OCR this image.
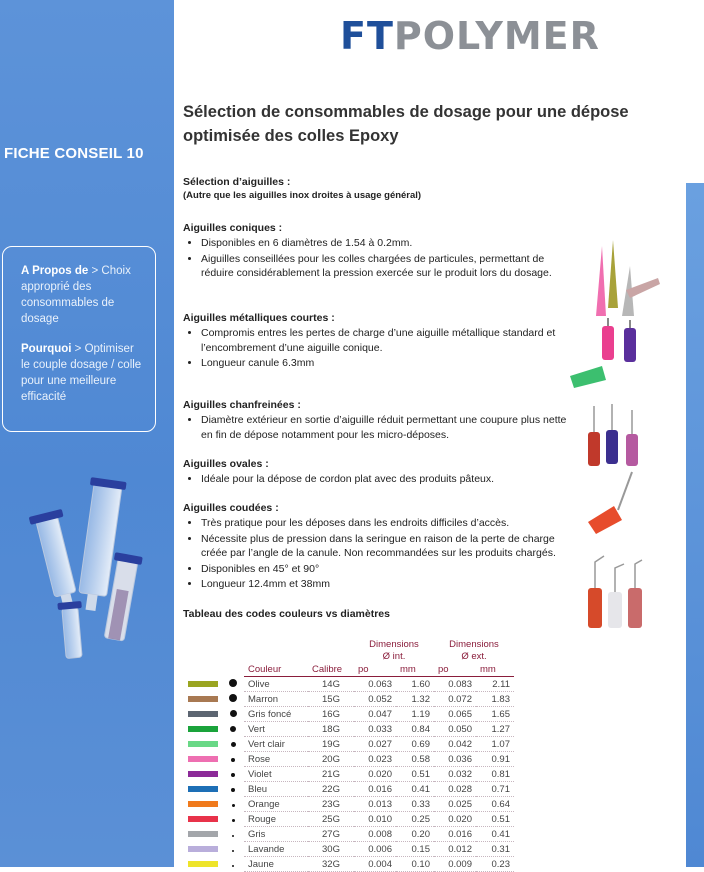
FICHE CONSEIL 10

A Propos de > Choix approprié des consommables de dosage

Pourquoi > Optimiser le couple dosage / colle pour une meilleure efficacité

FTPOLYMER
Sélection de consommables de dosage pour une dépose optimisée des colles Epoxy

Sélection d’aiguilles :

(Autre que les aiguilles inox droites à usage général)

Aiguilles coniques :

• Disponibles en 6 diamètres de 1.54 à 0.2mm.
• Aiguilles conseillées pour les colles chargées de particules, permettant de réduire considérablement la pression exercée sur le produit lors du dosage.

Aiguilles métalliques courtes :

• Compromis entres les pertes de charge d’une aiguille métallique standard et l’encombrement d’une aiguille conique.
• Longueur canule 6.3mm

Aiguilles chanfreinées :

• Diamètre extérieur en sortie d’aiguille réduit permettant une coupure plus nette en fin de dépose notamment pour les micro-déposes.

Aiguilles ovales :

• Idéale pour la dépose de cordon plat avec des produits pâteux.

Aiguilles coudées :

• Très pratique pour les déposes dans les endroits difficiles d’accès.
• Nécessite plus de pression dans la seringue en raison de la perte de charge créée par l’angle de la canule. Non recommandées sur les produits chargés.
• Disponibles en 45° et 90°
• Longueur 12.4mm et 38mm

Tableau des codes couleurs vs diamètres

				Dimensions		Dimensions	
				Ø int.		Ø ext.	
		Couleur	Calibre	po	mm	po	mm
		Olive	14G	0.063	1.60	0.083	2.11
		Marron	15G	0.052	1.32	0.072	1.83
		Gris foncé	16G	0.047	1.19	0.065	1.65
		Vert	18G	0.033	0.84	0.050	1.27
		Vert clair	19G	0.027	0.69	0.042	1.07
		Rose	20G	0.023	0.58	0.036	0.91
		Violet	21G	0.020	0.51	0.032	0.81
		Bleu	22G	0.016	0.41	0.028	0.71
		Orange	23G	0.013	0.33	0.025	0.64
		Rouge	25G	0.010	0.25	0.020	0.51
		Gris	27G	0.008	0.20	0.016	0.41
		Lavande	30G	0.006	0.15	0.012	0.31
		Jaune	32G	0.004	0.10	0.009	0.23
